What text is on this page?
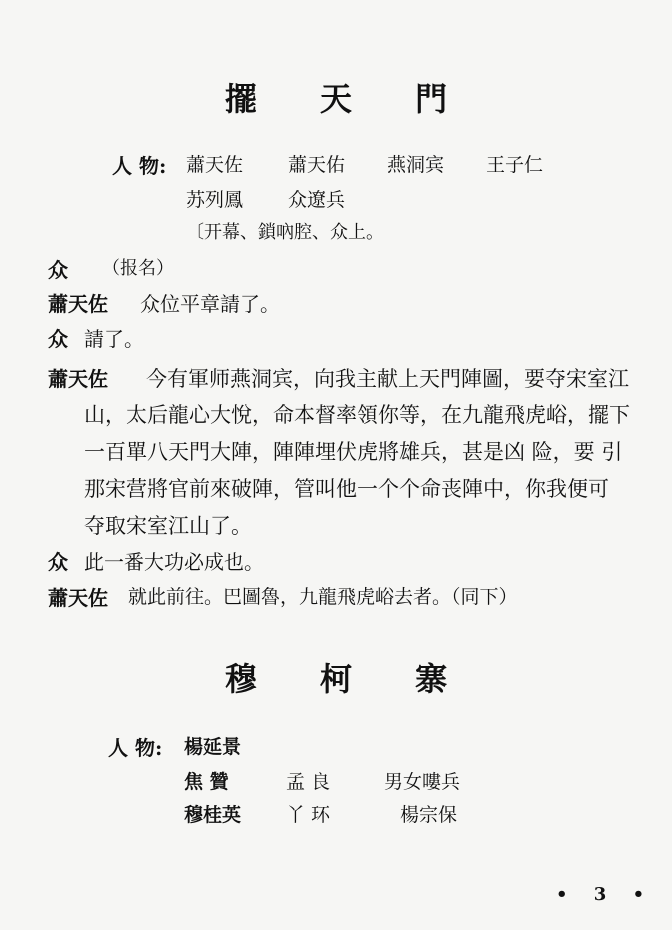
擺 天 門
人 物: 蕭天佐 蕭天佑 燕洞宾 王子仁
苏列鳳 众遼兵
〔开幕、鎖吶腔、众上。
众 （报名）
蕭天佐 众位平章請了。
众 請了。
蕭天佐 今有軍师燕洞宾，向我主献上天門陣圖，要夺宋室江
山，太后龍心大悅，命本督率領你等，在九龍飛虎峪，擺下
一百單八天門大陣，陣陣埋伏虎將雄兵，甚是凶 险，要 引
那宋营將官前來破陣，管叫他一个个命丧陣中，你我便可
夺取宋室江山了。
众 此一番大功必成也。
蕭天佐 就此前往。巴圖魯，九龍飛虎峪去者。（同下）
穆 柯 寨
人 物: 楊延景
焦 贊	孟 良	男女嘍兵
穆桂英 丫 环	楊宗保
• 3 •
